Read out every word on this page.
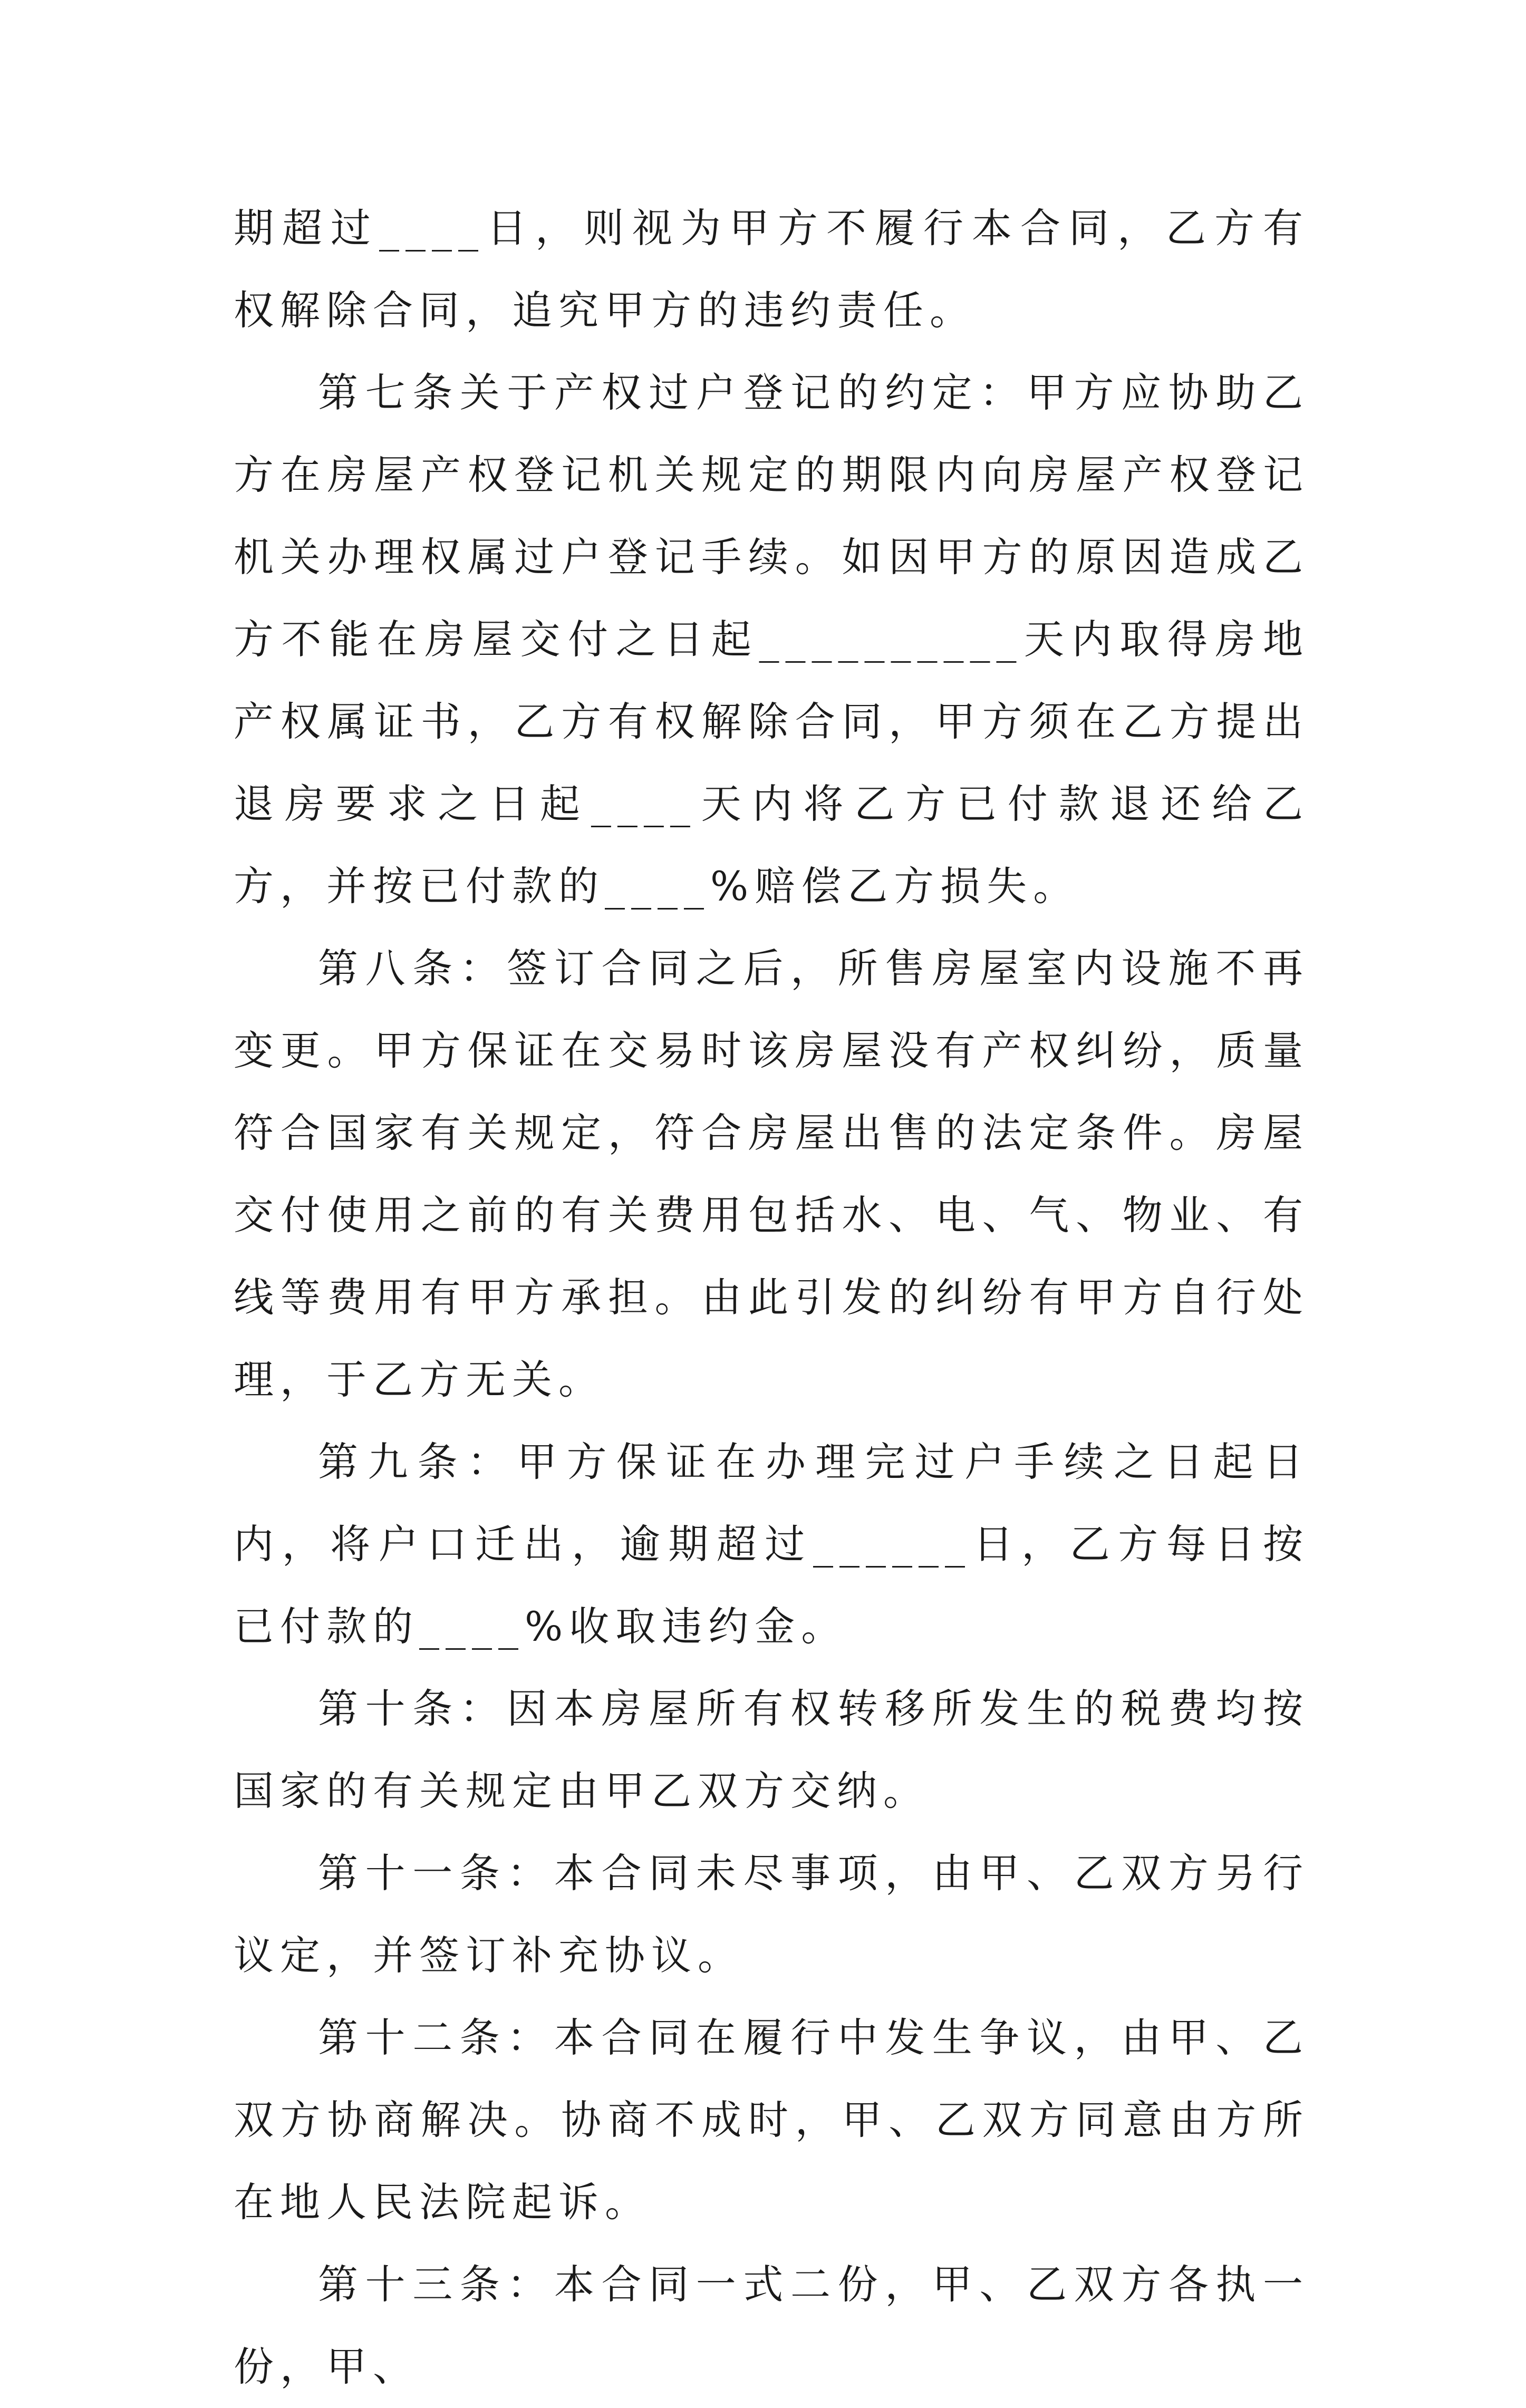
期超过____日，则视为甲方不履行本合同，乙方有权解除合同，追究甲方的违约责任。

第七条关于产权过户登记的约定：甲方应协助乙方在房屋产权登记机关规定的期限内向房屋产权登记机关办理权属过户登记手续。如因甲方的原因造成乙方不能在房屋交付之日起__________天内取得房地产权属证书，乙方有权解除合同，甲方须在乙方提出退房要求之日起____天内将乙方已付款退还给乙方，并按已付款的____%赔偿乙方损失。

第八条：签订合同之后，所售房屋室内设施不再变更。甲方保证在交易时该房屋没有产权纠纷，质量符合国家有关规定，符合房屋出售的法定条件。房屋交付使用之前的有关费用包括水、电、气、物业、有线等费用有甲方承担。由此引发的纠纷有甲方自行处理，于乙方无关。

第九条：甲方保证在办理完过户手续之日起日内，将户口迁出，逾期超过______日，乙方每日按已付款的____%收取违约金。

第十条：因本房屋所有权转移所发生的税费均按国家的有关规定由甲乙双方交纳。

第十一条：本合同未尽事项，由甲、乙双方另行议定，并签订补充协议。

第十二条：本合同在履行中发生争议，由甲、乙双方协商解决。协商不成时，甲、乙双方同意由方所在地人民法院起诉。

第十三条：本合同一式二份，甲、乙双方各执一份，甲、
